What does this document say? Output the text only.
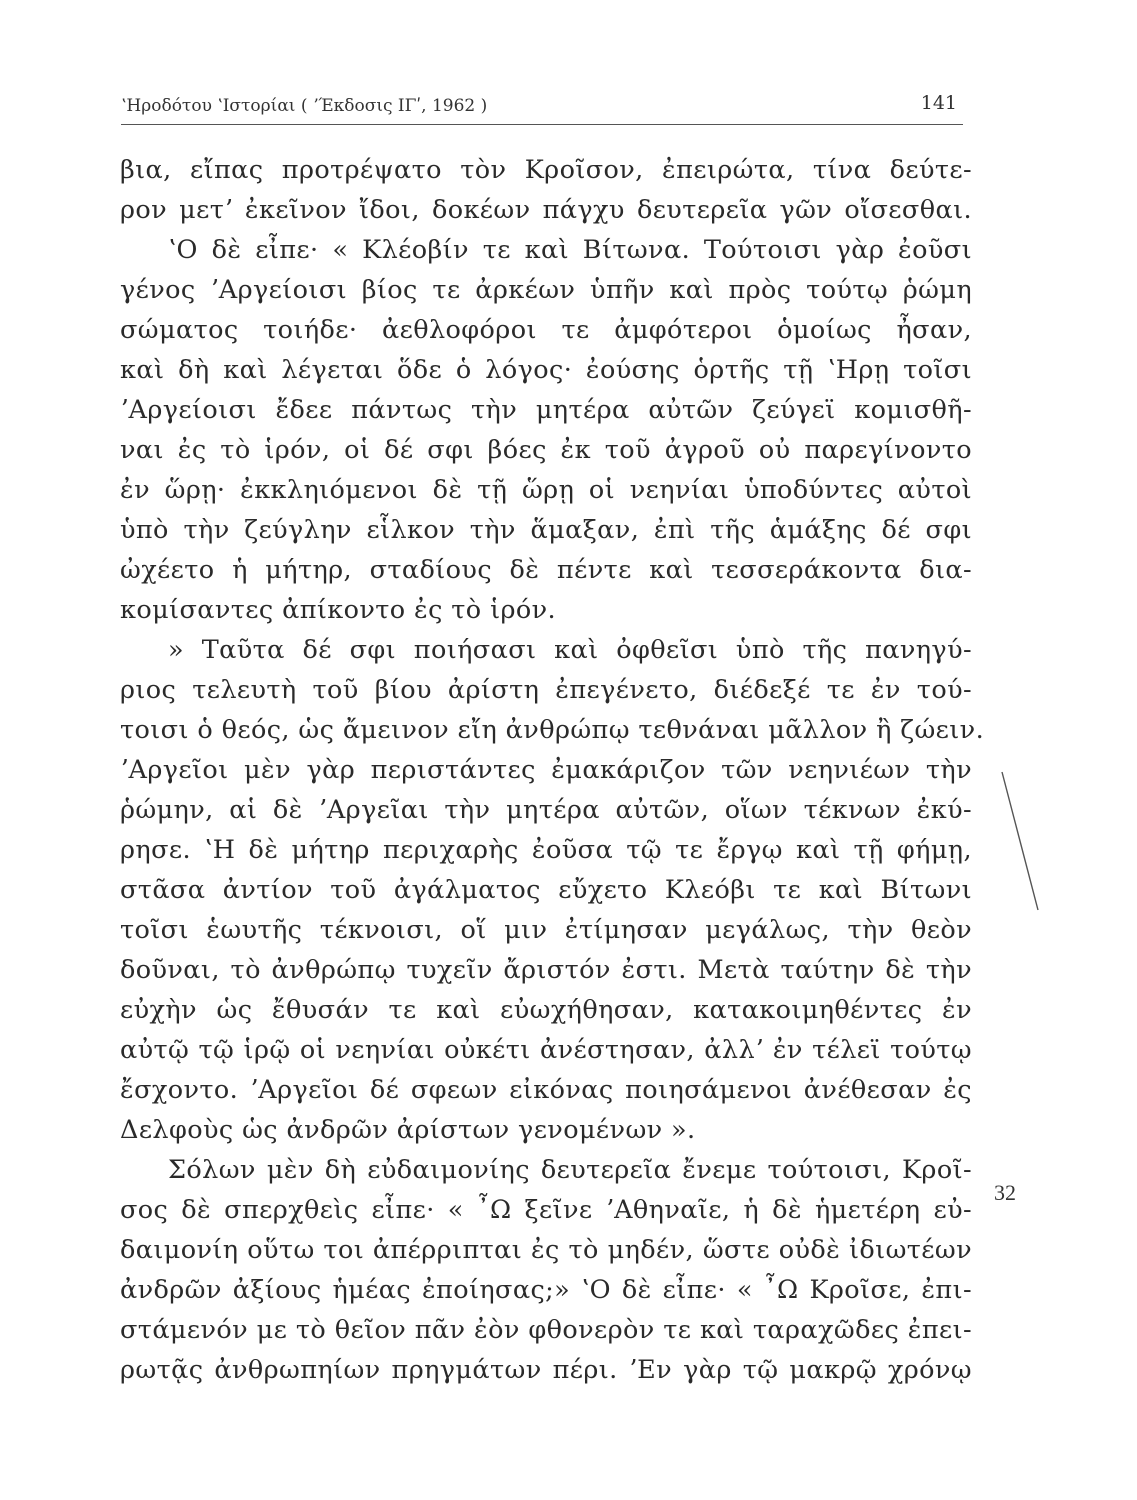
ʽΗροδότου ʽΙστορίαι ( ʼΈκδοσις ΙΓʹ, 1962 )	141
βια, εἴπας προτρέψατο τὸν Κροῖσον, ἐπειρώτα, τίνα δεύτε-
ρον μετʼ ἐκεῖνον ἴδοι, δοκέων πάγχυ δευτερεῖα γῶν οἴσεσθαι.
ʽΟ δὲ εἶπε· « Κλέοβίν τε καὶ Βίτωνα. Τούτοισι γὰρ ἐοῦσι
γένος ʼΑργείοισι βίος τε ἀρκέων ὑπῆν καὶ πρὸς τούτῳ ῥώμη
σώματος τοιήδε· ἀεθλοφόροι τε ἀμφότεροι ὁμοίως ἦσαν,
καὶ δὴ καὶ λέγεται ὅδε ὁ λόγος· ἐούσης ὁρτῆς τῇ ʽΗρῃ τοῖσι
ʼΑργείοισι ἔδεε πάντως τὴν μητέρα αὐτῶν ζεύγεϊ κομισθῆ-
ναι ἐς τὸ ἱρόν, οἱ δέ σφι βόες ἐκ τοῦ ἀγροῦ οὐ παρεγίνοντο
ἐν ὥρῃ· ἐκκληιόμενοι δὲ τῇ ὥρῃ οἱ νεηνίαι ὑποδύντες αὐτοὶ
ὑπὸ τὴν ζεύγλην εἷλκον τὴν ἅμαξαν, ἐπὶ τῆς ἁμάξης δέ σφι
ὠχέετο ἡ μήτηρ, σταδίους δὲ πέντε καὶ τεσσεράκοντα δια-
κομίσαντες ἀπίκοντο ἐς τὸ ἱρόν.
» Ταῦτα δέ σφι ποιήσασι καὶ ὀφθεῖσι ὑπὸ τῆς πανηγύ-
ριος τελευτὴ τοῦ βίου ἀρίστη ἐπεγένετο, διέδεξέ τε ἐν τού-
τοισι ὁ θεός, ὡς ἄμεινον εἴη ἀνθρώπῳ τεθνάναι μᾶλλον ἢ ζώειν.
ʼΑργεῖοι μὲν γὰρ περιστάντες ἐμακάριζον τῶν νεηνιέων τὴν
ῥώμην, αἱ δὲ ʼΑργεῖαι τὴν μητέρα αὐτῶν, οἵων τέκνων ἐκύ-
ρησε. ʽΗ δὲ μήτηρ περιχαρὴς ἐοῦσα τῷ τε ἔργῳ καὶ τῇ φήμῃ,
στᾶσα ἀντίον τοῦ ἀγάλματος εὔχετο Κλεόβι τε καὶ Βίτωνι
τοῖσι ἑωυτῆς τέκνοισι, οἵ μιν ἐτίμησαν μεγάλως, τὴν θεὸν
δοῦναι, τὸ ἀνθρώπῳ τυχεῖν ἄριστόν ἐστι. Μετὰ ταύτην δὲ τὴν
εὐχὴν ὡς ἔθυσάν τε καὶ εὐωχήθησαν, κατακοιμηθέντες ἐν
αὐτῷ τῷ ἱρῷ οἱ νεηνίαι οὐκέτι ἀνέστησαν, ἀλλʼ ἐν τέλεϊ τούτῳ
ἔσχοντο. ʼΑργεῖοι δέ σφεων εἰκόνας ποιησάμενοι ἀνέθεσαν ἐς
Δελφοὺς ὡς ἀνδρῶν ἀρίστων γενομένων ».
Σόλων μὲν δὴ εὐδαιμονίης δευτερεῖα ἔνεμε τούτοισι, Κροῖ-
σος δὲ σπερχθεὶς εἶπε· « ῏Ω ξεῖνε ʼΑθηναῖε, ἡ δὲ ἡμετέρη εὐ-
δαιμονίη οὕτω τοι ἀπέρριπται ἐς τὸ μηδέν, ὥστε οὐδὲ ἰδιωτέων
ἀνδρῶν ἀξίους ἡμέας ἐποίησας;» ʽΟ δὲ εἶπε· « ῏Ω Κροῖσε, ἐπι-
στάμενόν με τὸ θεῖον πᾶν ἐὸν φθονερὸν τε καὶ ταραχῶδες ἐπει-
ρωτᾷς ἀνθρωπηίων πρηγμάτων πέρι. ʼΕν γὰρ τῷ μακρῷ χρόνῳ
32
